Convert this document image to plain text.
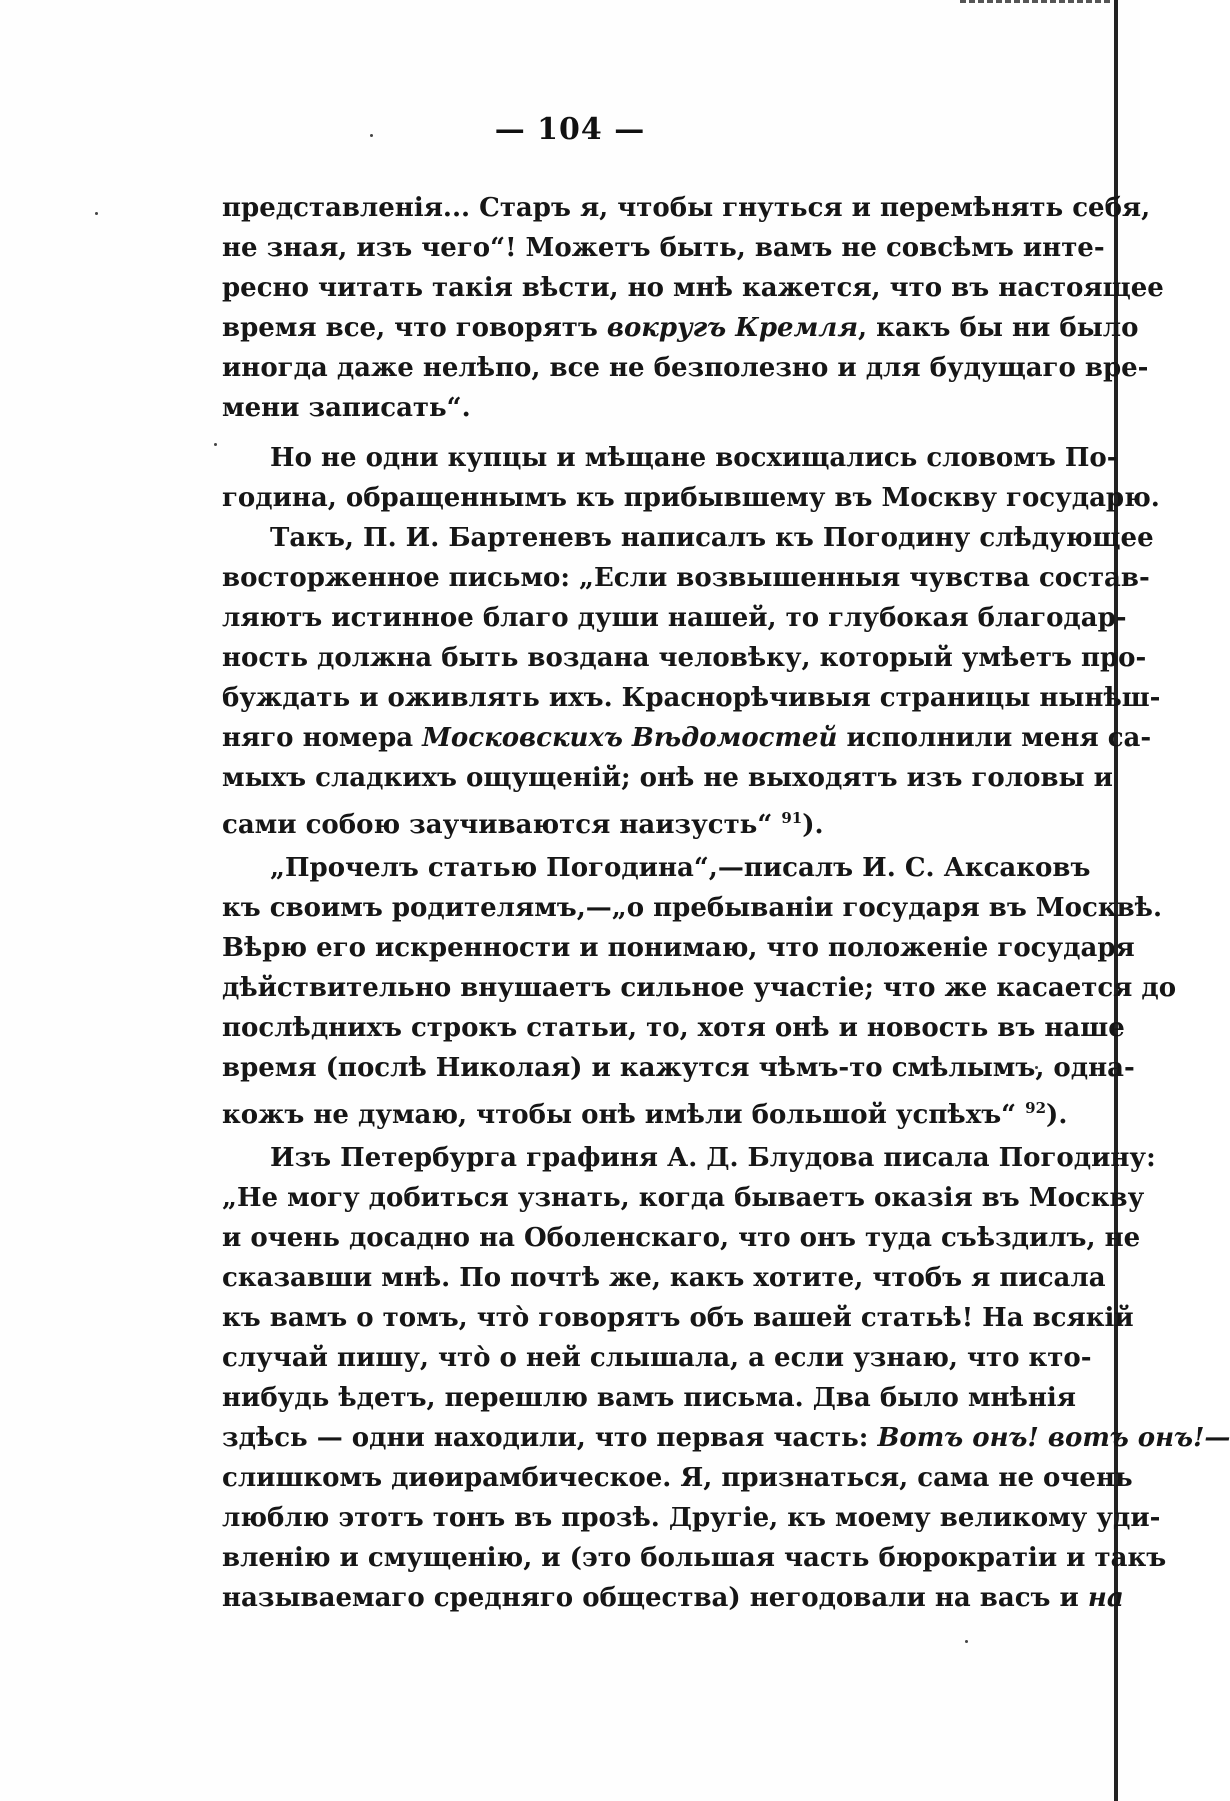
— 104 —
представленія... Старъ я, чтобы гнуться и перемѣнять себя,
не зная, изъ чего“! Можетъ быть, вамъ не совсѣмъ инте-
ресно читать такія вѣсти, но мнѣ кажется, что въ настоящее
время все, что говорятъ вокругъ Кремля, какъ бы ни было
иногда даже нелѣпо, все не безполезно и для будущаго вре-
мени записать“.
Но не одни купцы и мѣщане восхищались словомъ По-
година, обращеннымъ къ прибывшему въ Москву государю.
Такъ, П. И. Бартеневъ написалъ къ Погодину слѣдующее
восторженное письмо: „Если возвышенныя чувства состав-
ляютъ истинное благо души нашей, то глубокая благодар-
ность должна быть воздана человѣку, который умѣетъ про-
буждать и оживлять ихъ. Краснорѣчивыя страницы нынѣш-
няго номера Московскихъ Вѣдомостей исполнили меня са-
мыхъ сладкихъ ощущеній; онѣ не выходятъ изъ головы и
сами собою заучиваются наизусть“ $^{91}$).
„Прочелъ статью Погодина“,—писалъ И. С. Аксаковъ
къ своимъ родителямъ,—„о пребываніи государя въ Москвѣ.
Вѣрю его искренности и понимаю, что положеніе государя
дѣйствительно внушаетъ сильное участіе; что же касается до
послѣднихъ строкъ статьи, то, хотя онѣ и новость въ наше
время (послѣ Николая) и кажутся чѣмъ-то смѣлымъ, одна-
кожъ не думаю, чтобы онѣ имѣли большой успѣхъ“ $^{92}$).
Изъ Петербурга графиня А. Д. Блудова писала Погодину:
„Не могу добиться узнать, когда бываетъ оказія въ Москву
и очень досадно на Оболенскаго, что онъ туда съѣздилъ, не
сказавши мнѣ. По почтѣ же, какъ хотите, чтобъ я писала
къ вамъ о томъ, что̀ говорятъ объ вашей статьѣ! На всякій
случай пишу, что̀ о ней слышала, а если узнаю, что кто-
нибудь ѣдетъ, перешлю вамъ письма. Два было мнѣнія
здѣсь — одни находили, что первая часть: Вотъ онъ! вотъ онъ!—
слишкомъ диѳирамбическое. Я, признаться, сама не очень
люблю этотъ тонъ въ прозѣ. Другіе, къ моему великому уди-
вленію и смущенію, и (это большая часть бюрократіи и такъ
называемаго средняго общества) негодовали на васъ и на
